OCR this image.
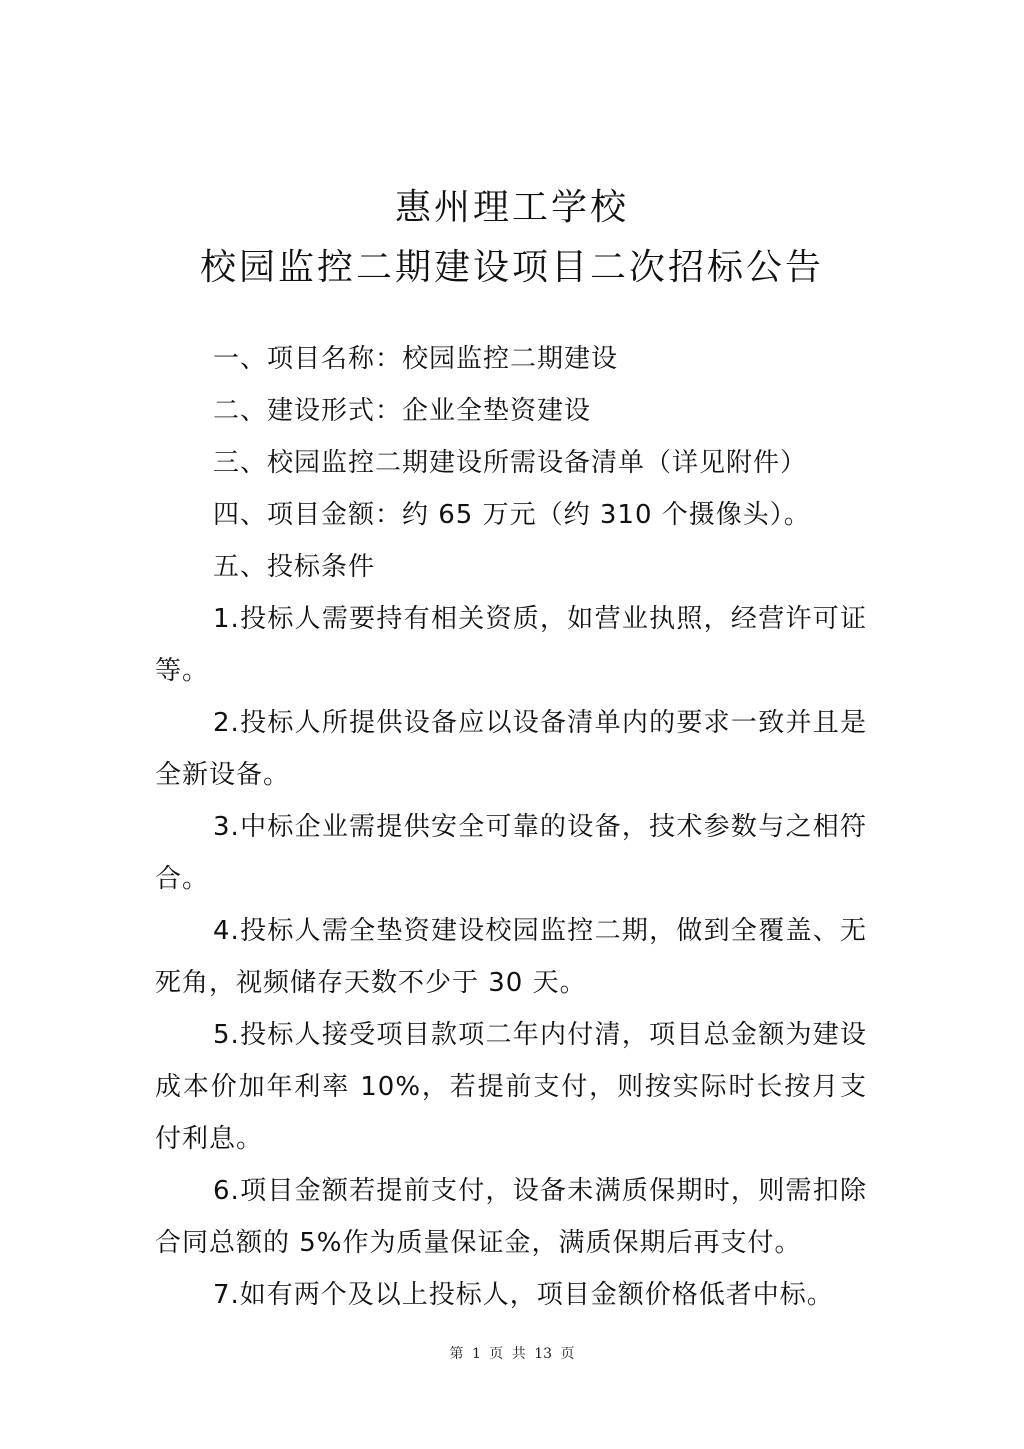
惠州理工学校
校园监控二期建设项目二次招标公告

一、项目名称：校园监控二期建设

二、建设形式：企业全垫资建设

三、校园监控二期建设所需设备清单（详见附件）

四、项目金额：约 65 万元（约 310 个摄像头）。

五、投标条件

1.投标人需要持有相关资质，如营业执照，经营许可证等。

2.投标人所提供设备应以设备清单内的要求一致并且是全新设备。

3.中标企业需提供安全可靠的设备，技术参数与之相符合。

4.投标人需全垫资建设校园监控二期，做到全覆盖、无死角，视频储存天数不少于 30 天。

5.投标人接受项目款项二年内付清，项目总金额为建设成本价加年利率 10%，若提前支付，则按实际时长按月支付利息。

6.项目金额若提前支付，设备未满质保期时，则需扣除合同总额的 5%作为质量保证金，满质保期后再支付。

7.如有两个及以上投标人，项目金额价格低者中标。

第 1 页 共 13 页
